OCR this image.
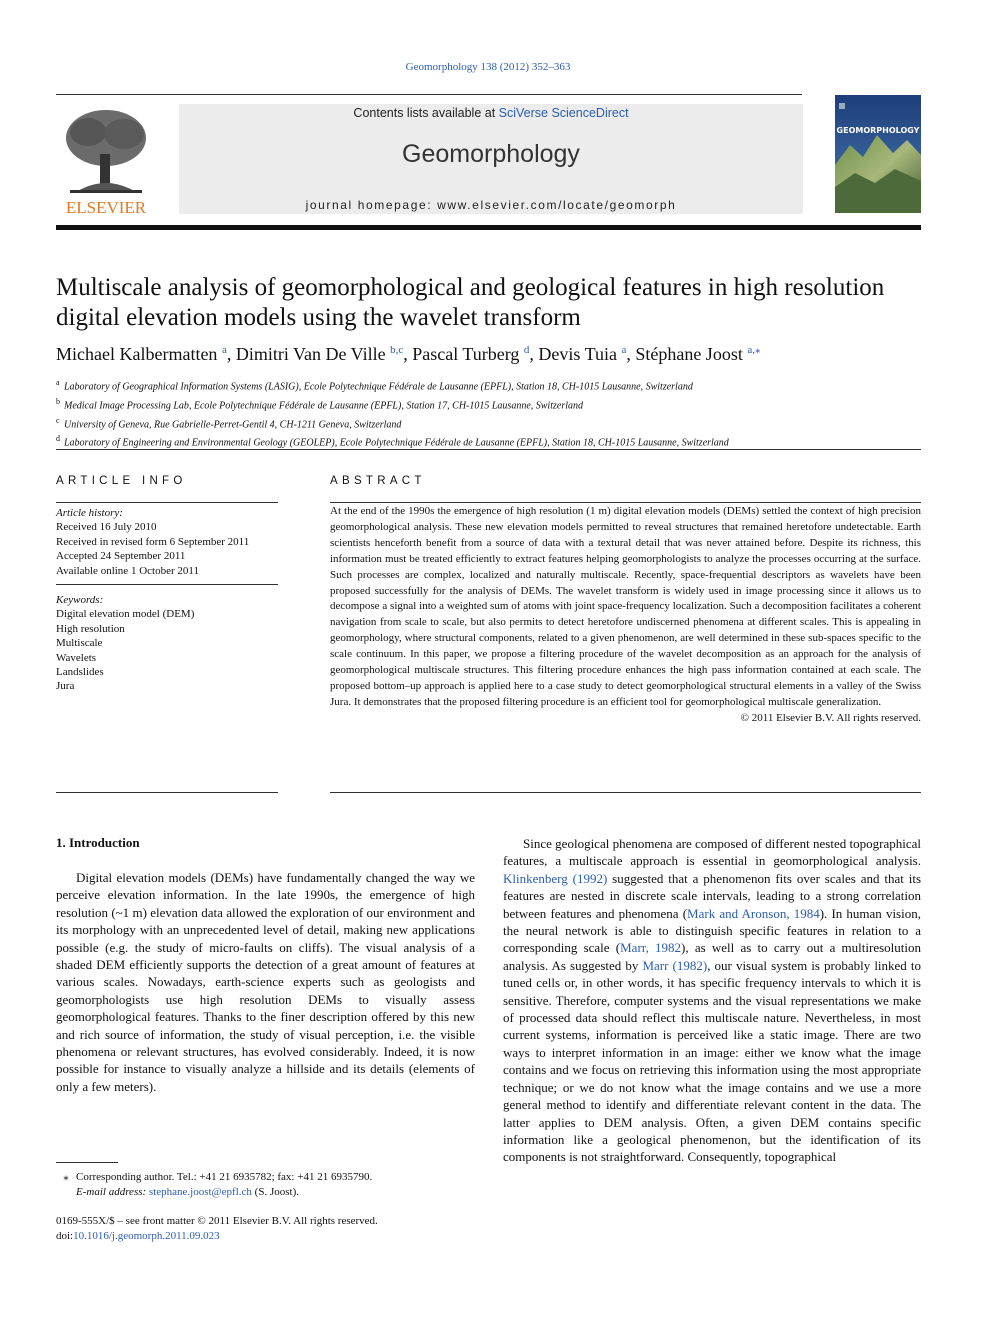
Geomorphology 138 (2012) 352–363
ELSEVIER
Contents lists available at SciVerse ScienceDirect
Geomorphology
journal homepage: www.elsevier.com/locate/geomorph
GEOMORPHOLOGY
Multiscale analysis of geomorphological and geological features in high resolution digital elevation models using the wavelet transform
Michael Kalbermatten $^a$, Dimitri Van De Ville $^{b,c}$, Pascal Turberg $^d$, Devis Tuia $^a$, Stéphane Joost $^{a,⁎}$
a Laboratory of Geographical Information Systems (LASIG), Ecole Polytechnique Fédérale de Lausanne (EPFL), Station 18, CH-1015 Lausanne, Switzerland
b Medical Image Processing Lab, Ecole Polytechnique Fédérale de Lausanne (EPFL), Station 17, CH-1015 Lausanne, Switzerland
c University of Geneva, Rue Gabrielle-Perret-Gentil 4, CH-1211 Geneva, Switzerland
d Laboratory of Engineering and Environmental Geology (GEOLEP), Ecole Polytechnique Fédérale de Lausanne (EPFL), Station 18, CH-1015 Lausanne, Switzerland
ARTICLE INFO	ABSTRACT
Article history:
Received 16 July 2010
Received in revised form 6 September 2011
Accepted 24 September 2011
Available online 1 October 2011
Keywords:
Digital elevation model (DEM)
High resolution
Multiscale
Wavelets
Landslides
Jura
At the end of the 1990s the emergence of high resolution (1 m) digital elevation models (DEMs) settled the context of high precision geomorphological analysis. These new elevation models permitted to reveal structures that remained heretofore undetectable. Earth scientists henceforth benefit from a source of data with a textural detail that was never attained before. Despite its richness, this information must be treated efficiently to extract features helping geomorphologists to analyze the processes occurring at the surface. Such processes are complex, localized and naturally multiscale. Recently, space-frequential descriptors as wavelets have been proposed successfully for the analysis of DEMs. The wavelet transform is widely used in image processing since it allows us to decompose a signal into a weighted sum of atoms with joint space-frequency localization. Such a decomposition facilitates a coherent navigation from scale to scale, but also permits to detect heretofore undiscerned phenomena at different scales. This is appealing in geomorphology, where structural components, related to a given phenomenon, are well determined in these sub-spaces specific to the scale continuum. In this paper, we propose a filtering procedure of the wavelet decomposition as an approach for the analysis of geomorphological multiscale structures. This filtering procedure enhances the high pass information contained at each scale. The proposed bottom–up approach is applied here to a case study to detect geomorphological structural elements in a valley of the Swiss Jura. It demonstrates that the proposed filtering procedure is an efficient tool for geomorphological multiscale generalization.
© 2011 Elsevier B.V. All rights reserved.
1. Introduction

Digital elevation models (DEMs) have fundamentally changed the way we perceive elevation information. In the late 1990s, the emergence of high resolution (~1 m) elevation data allowed the exploration of our environment and its morphology with an unprecedented level of detail, making new applications possible (e.g. the study of micro-faults on cliffs). The visual analysis of a shaded DEM efficiently supports the detection of a great amount of features at various scales. Nowadays, earth-science experts such as geologists and geomorphologists use high resolution DEMs to visually assess geomorphological features. Thanks to the finer description offered by this new and rich source of information, the study of visual perception, i.e. the visible phenomena or relevant structures, has evolved considerably. Indeed, it is now possible for instance to visually analyze a hillside and its details (elements of only a few meters).

Since geological phenomena are composed of different nested topographical features, a multiscale approach is essential in geomorphological analysis. Klinkenberg (1992) suggested that a phenomenon fits over scales and that its features are nested in discrete scale intervals, leading to a strong correlation between features and phenomena (Mark and Aronson, 1984). In human vision, the neural network is able to distinguish specific features in relation to a corresponding scale (Marr, 1982), as well as to carry out a multiresolution analysis. As suggested by Marr (1982), our visual system is probably linked to tuned cells or, in other words, it has specific frequency intervals to which it is sensitive. Therefore, computer systems and the visual representations we make of processed data should reflect this multiscale nature. Nevertheless, in most current systems, information is perceived like a static image. There are two ways to interpret information in an image: either we know what the image contains and we focus on retrieving this information using the most appropriate technique; or we do not know what the image contains and we use a more general method to identify and differentiate relevant content in the data. The latter applies to DEM analysis. Often, a given DEM contains specific information like a geological phenomenon, but the identification of its components is not straightforward. Consequently, topographical

⁎ Corresponding author. Tel.: +41 21 6935782; fax: +41 21 6935790.
E-mail address: stephane.joost@epfl.ch (S. Joost).
0169-555X/$ – see front matter © 2011 Elsevier B.V. All rights reserved.
doi:10.1016/j.geomorph.2011.09.023
